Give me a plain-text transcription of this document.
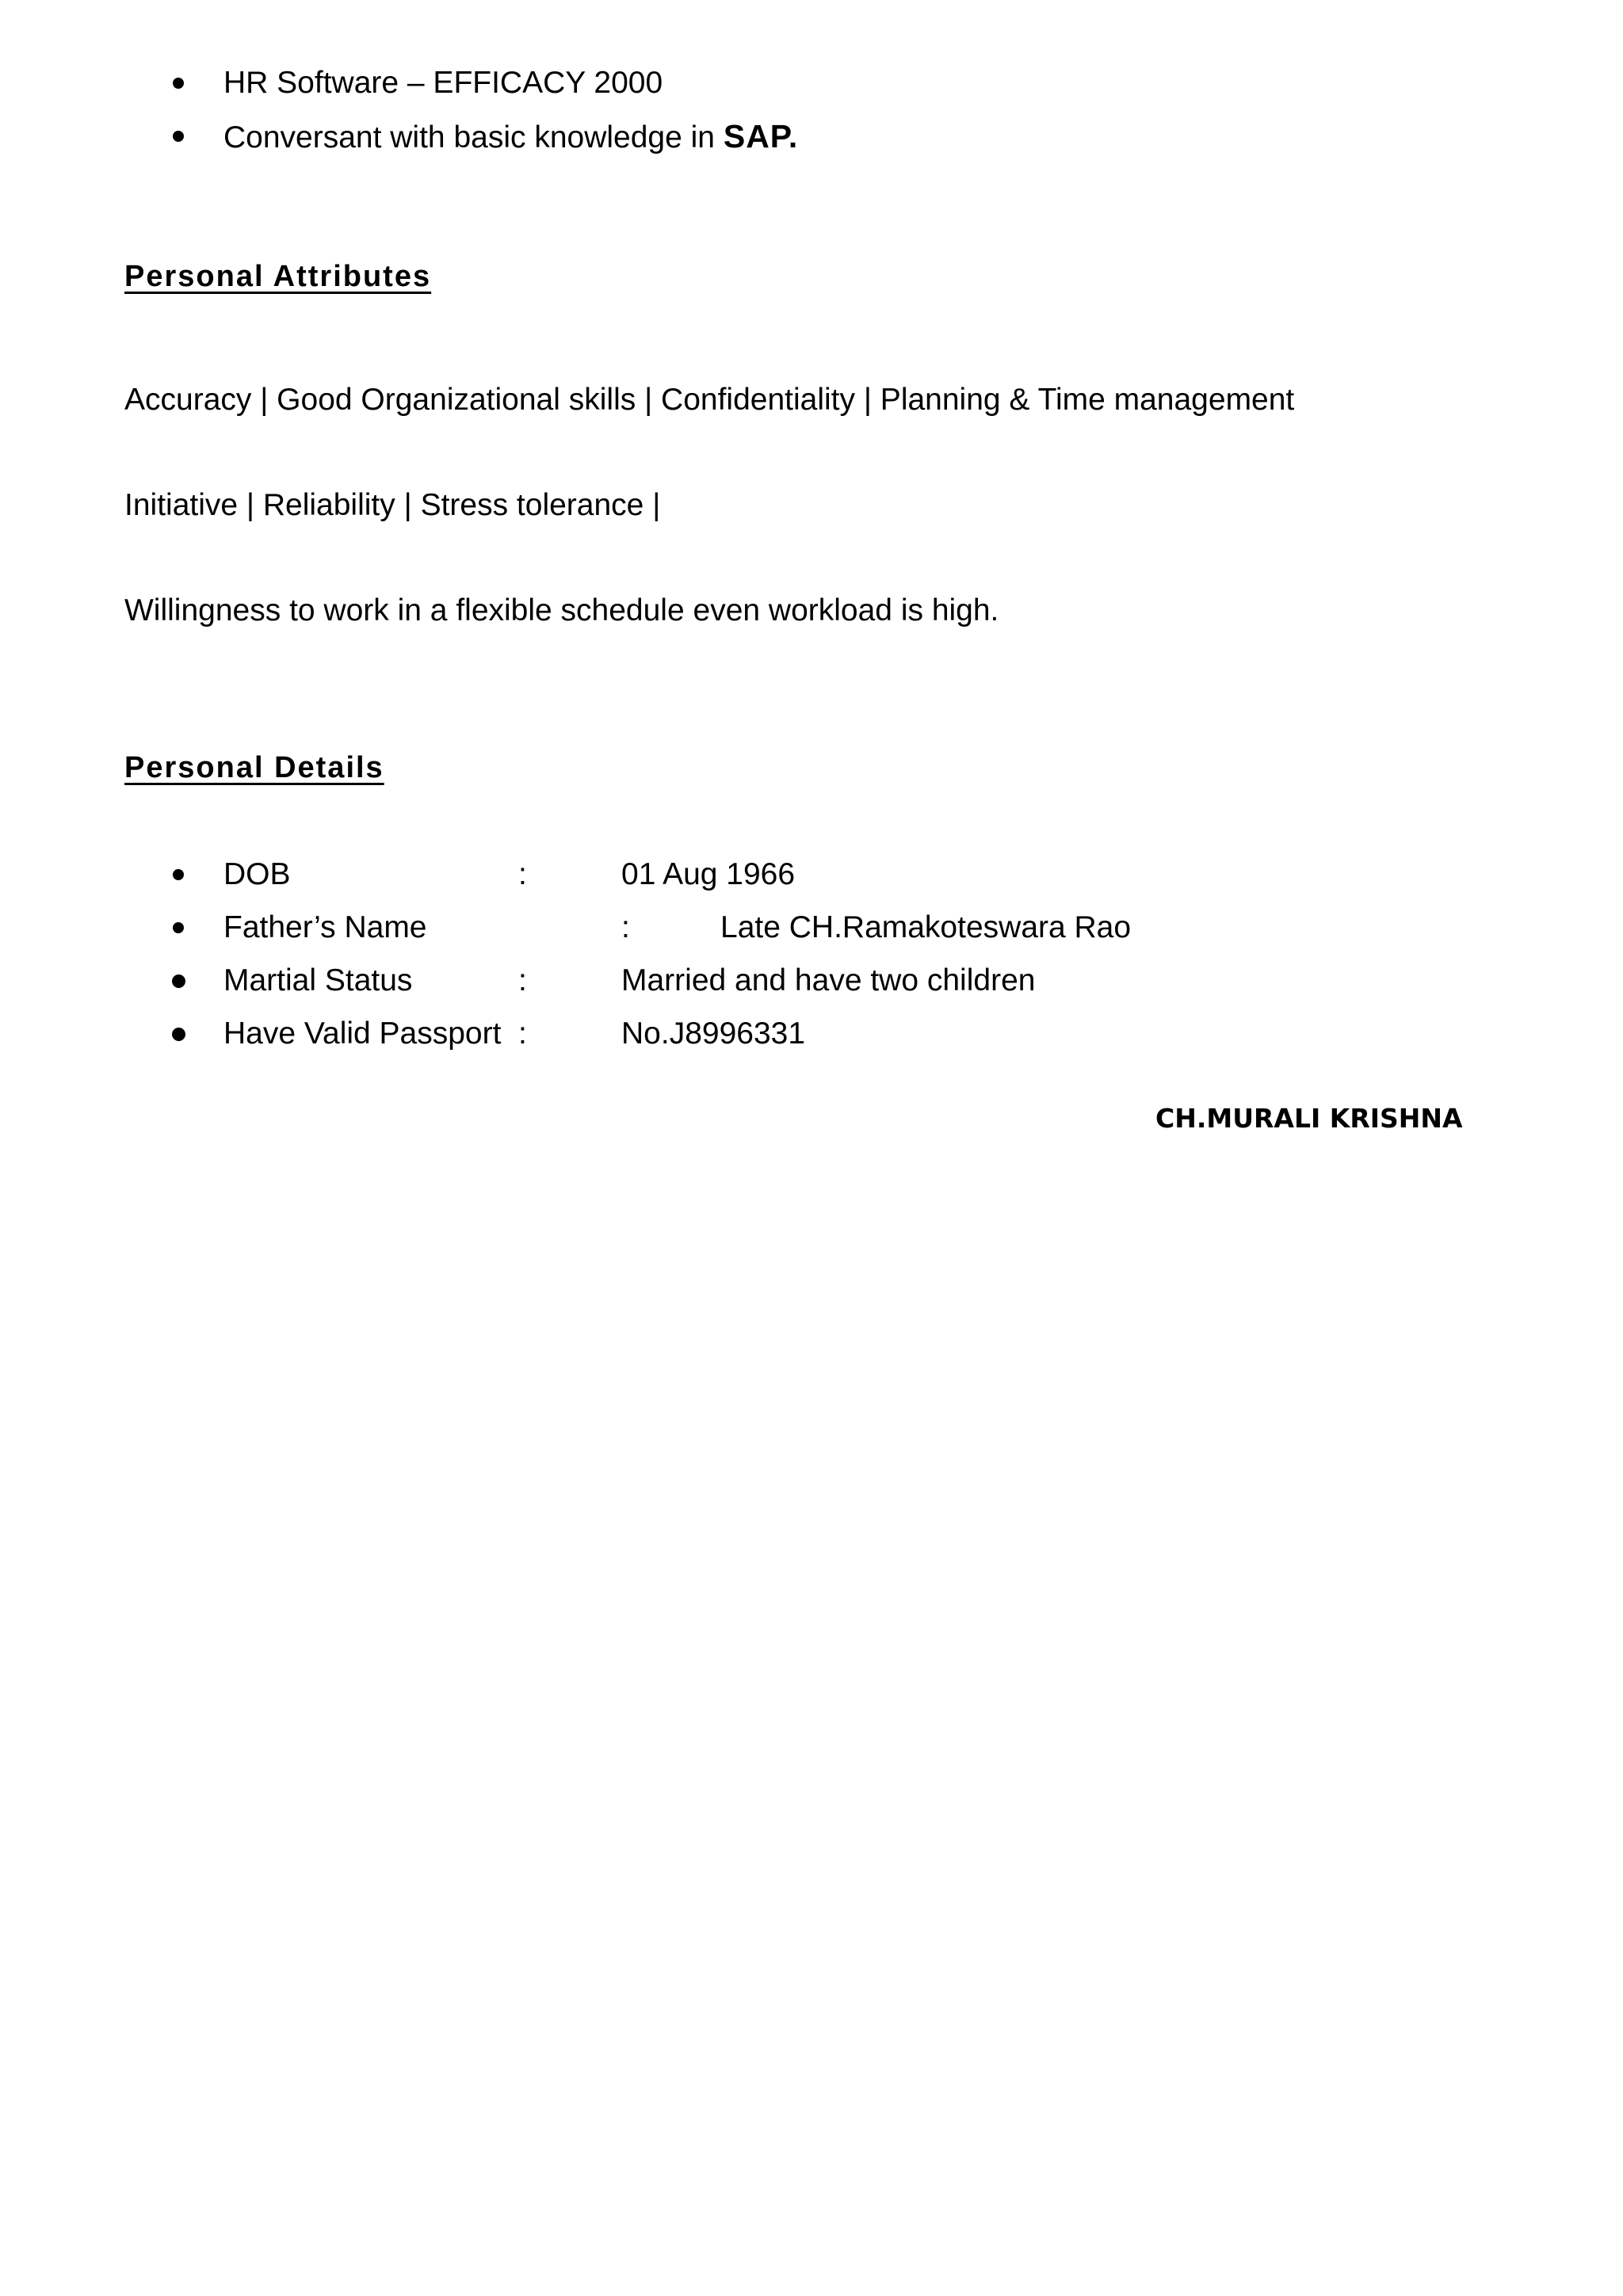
HR Software – EFFICACY 2000
Conversant with basic knowledge in SAP.
Personal Attributes
Accuracy | Good Organizational skills | Confidentiality | Planning & Time management
Initiative | Reliability | Stress tolerance |
Willingness to work in a flexible schedule even workload is high.
Personal Details
DOB	:	01 Aug 1966
Father’s Name	:	Late CH.Ramakoteswara Rao
Martial Status	:	Married and have two children
Have Valid Passport :	No.J8996331
CH.MURALI KRISHNA
